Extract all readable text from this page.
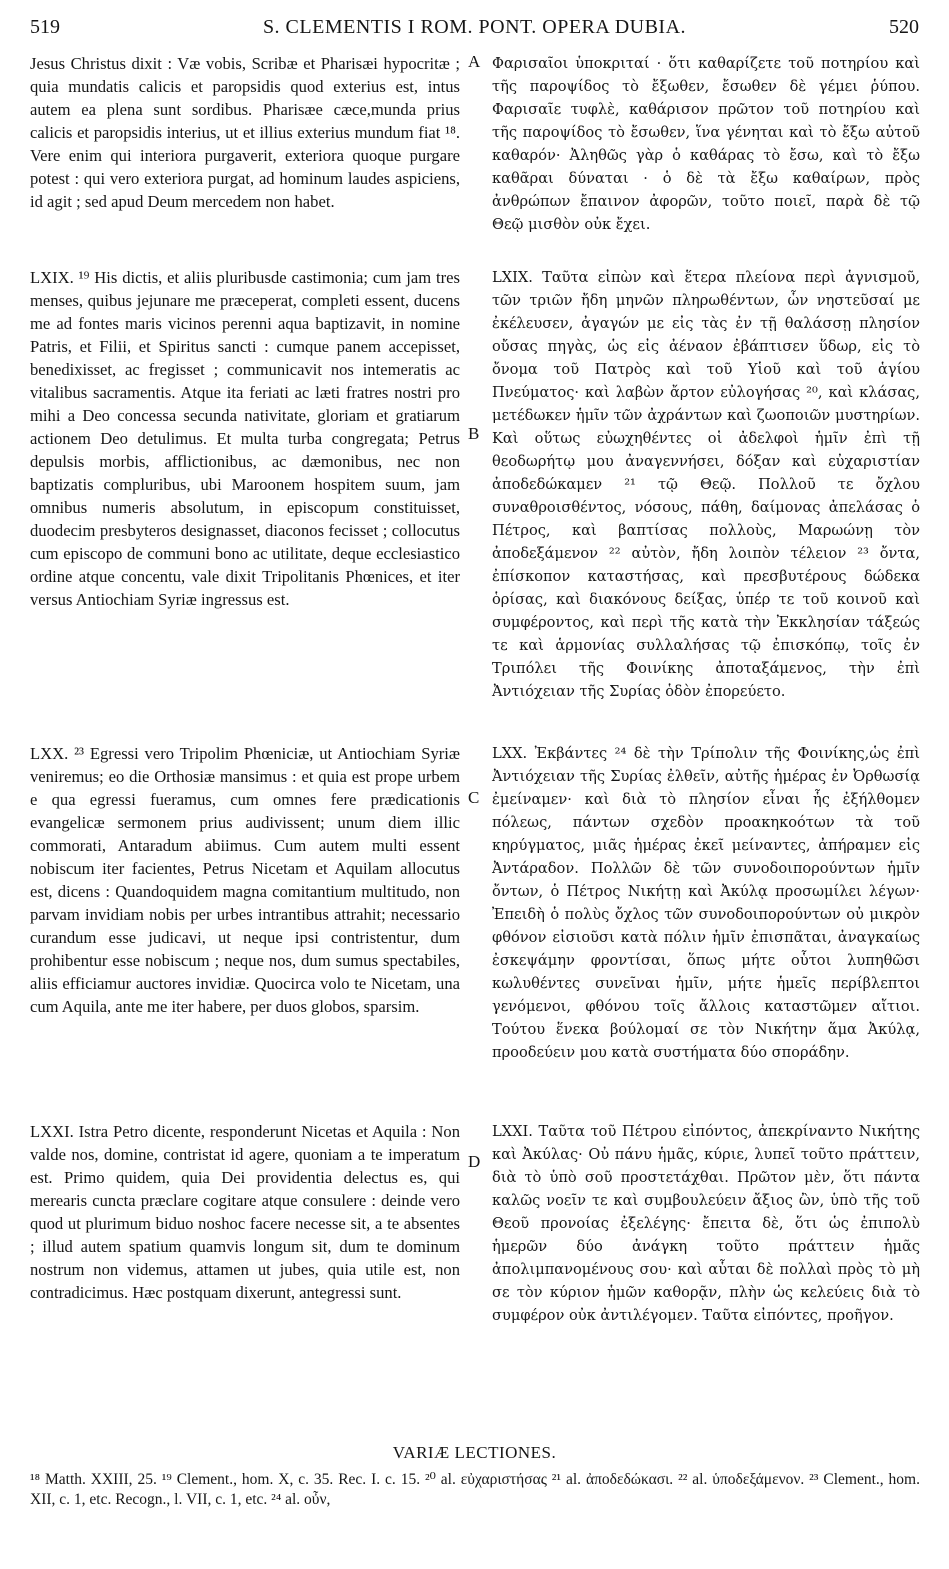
519	S. CLEMENTIS I ROM. PONT. OPERA DUBIA.	520
A
B
C
D

Jesus Christus dixit : Væ vobis, Scribæ et Pharisæi hypocritæ ; quia mundatis calicis et paropsidis quod exterius est, intus autem ea plena sunt sordibus. Pharisæe cæce,munda prius calicis et paropsidis interius, ut et illius exterius mundum fiat ¹⁸. Vere enim qui interiora purgaverit, exteriora quoque purgare potest : qui vero exteriora purgat, ad hominum laudes aspiciens, id agit ; sed apud Deum mercedem non habet.

LXIX. ¹⁹ His dictis, et aliis pluribusde castimonia; cum jam tres menses, quibus jejunare me præceperat, completi essent, ducens me ad fontes maris vicinos perenni aqua baptizavit, in nomine Patris, et Filii, et Spiritus sancti : cumque panem accepisset, benedixisset, ac fregisset ; communicavit nos intemeratis ac vitalibus sacramentis. Atque ita feriati ac læti fratres nostri pro mihi a Deo concessa secunda nativitate, gloriam et gratiarum actionem Deo detulimus. Et multa turba congregata; Petrus depulsis morbis, afflictionibus, ac dæmonibus, nec non baptizatis compluribus, ubi Maroonem hospitem suum, jam omnibus numeris absolutum, in episcopum constituisset, duodecim presbyteros designasset, diaconos fecisset ; collocutus cum episcopo de communi bono ac utilitate, deque ecclesiastico ordine atque concentu, vale dixit Tripolitanis Phœnices, et iter versus Antiochiam Syriæ ingressus est.

LXX. ²³ Egressi vero Tripolim Phœniciæ, ut Antiochiam Syriæ veniremus; eo die Orthosiæ mansimus : et quia est prope urbem e qua egressi fueramus, cum omnes fere prædicationis evangelicæ sermonem prius audivissent; unum diem illic commorati, Antaradum abiimus. Cum autem multi essent nobiscum iter facientes, Petrus Nicetam et Aquilam allocutus est, dicens : Quandoquidem magna comitantium multitudo, non parvam invidiam nobis per urbes intrantibus attrahit; necessario curandum esse judicavi, ut neque ipsi contristentur, dum prohibentur esse nobiscum ; neque nos, dum sumus spectabiles, aliis efficiamur auctores invidiæ. Quocirca volo te Nicetam, una cum Aquila, ante me iter habere, per duos globos, sparsim.

LXXI. Istra Petro dicente, responderunt Nicetas et Aquila : Non valde nos, domine, contristat id agere, quoniam a te imperatum est. Primo quidem, quia Dei providentia delectus es, qui merearis cuncta præclare cogitare atque consulere : deinde vero quod ut plurimum biduo noshoc facere necesse sit, a te absentes ; illud autem spatium quamvis longum sit, dum te dominum nostrum non videmus, attamen ut jubes, quia utile est, non contradicimus. Hæc postquam dixerunt, antegressi sunt.

Φαρισαῖοι ὑποκριταί · ὅτι καθαρίζετε τοῦ ποτηρίου καὶ τῆς παροψίδος τὸ ἔξωθεν, ἔσωθεν δὲ γέμει ῥύπου. Φαρισαῖε τυφλὲ, καθάρισον πρῶτον τοῦ ποτηρίου καὶ τῆς παροψίδος τὸ ἔσωθεν, ἵνα γένηται καὶ τὸ ἔξω αὐτοῦ καθαρόν· Ἀληθῶς γὰρ ὁ καθάρας τὸ ἔσω, καὶ τὸ ἔξω καθᾶραι δύναται · ὁ δὲ τὰ ἔξω καθαίρων, πρὸς ἀνθρώπων ἔπαινον ἀφορῶν, τοῦτο ποιεῖ, παρὰ δὲ τῷ Θεῷ μισθὸν οὐκ ἔχει.

LXIX. Ταῦτα εἰπὼν καὶ ἕτερα πλείονα περὶ ἁγνισμοῦ, τῶν τριῶν ἤδη μηνῶν πληρωθέντων, ὧν νηστεῦσαί με ἐκέλευσεν, ἀγαγών με εἰς τὰς ἐν τῇ θαλάσσῃ πλησίον οὔσας πηγὰς, ὡς εἰς ἀέναον ἐβάπτισεν ὕδωρ, εἰς τὸ ὄνομα τοῦ Πατρὸς καὶ τοῦ Υἱοῦ καὶ τοῦ ἁγίου Πνεύματος· καὶ λαβὼν ἄρτον εὐλογήσας ²⁰, καὶ κλάσας, μετέδωκεν ἡμῖν τῶν ἀχράντων καὶ ζωοποιῶν μυστηρίων. Καὶ οὕτως εὐωχηθέντες οἱ ἀδελφοὶ ἡμῖν ἐπὶ τῇ θεοδωρήτῳ μου ἀναγεννήσει, δόξαν καὶ εὐχαριστίαν ἀποδεδώκαμεν ²¹ τῷ Θεῷ. Πολλοῦ τε ὄχλου συναθροισθέντος, νόσους, πάθη, δαίμονας ἀπελάσας ὁ Πέτρος, καὶ βαπτίσας πολλοὺς, Μαρωώνῃ τὸν ἀποδεξάμενον ²² αὐτὸν, ἤδη λοιπὸν τέλειον ²³ ὄντα, ἐπίσκοπον καταστήσας, καὶ πρεσβυτέρους δώδεκα ὁρίσας, καὶ διακόνους δείξας, ὑπέρ τε τοῦ κοινοῦ καὶ συμφέροντος, καὶ περὶ τῆς κατὰ τὴν Ἐκκλησίαν τάξεώς τε καὶ ἁρμονίας συλλαλήσας τῷ ἐπισκόπῳ, τοῖς ἐν Τριπόλει τῆς Φοινίκης ἀποταξάμενος, τὴν ἐπὶ Ἀντιόχειαν τῆς Συρίας ὁδὸν ἐπορεύετο.

LXX. Ἐκβάντες ²⁴ δὲ τὴν Τρίπολιν τῆς Φοινίκης,ὡς ἐπὶ Ἀντιόχειαν τῆς Συρίας ἐλθεῖν, αὐτῆς ἡμέρας ἐν Ὀρθωσίᾳ ἐμείναμεν· καὶ διὰ τὸ πλησίον εἶναι ἧς ἐξήλθομεν πόλεως, πάντων σχεδὸν προακηκοότων τὰ τοῦ κηρύγματος, μιᾶς ἡμέρας ἐκεῖ μείναντες, ἀπήραμεν εἰς Ἀντάραδον. Πολλῶν δὲ τῶν συνοδοιπορούντων ἡμῖν ὄντων, ὁ Πέτρος Νικήτῃ καὶ Ἀκύλᾳ προσωμίλει λέγων· Ἐπειδὴ ὁ πολὺς ὄχλος τῶν συνοδοιπορούντων οὐ μικρὸν φθόνον εἰσιοῦσι κατὰ πόλιν ἡμῖν ἐπισπᾶται, ἀναγκαίως ἐσκεψάμην φροντίσαι, ὅπως μήτε οὗτοι λυπηθῶσι κωλυθέντες συνεῖναι ἡμῖν, μήτε ἡμεῖς περίβλεπτοι γενόμενοι, φθόνου τοῖς ἄλλοις καταστῶμεν αἴτιοι. Τούτου ἕνεκα βούλομαί σε τὸν Νικήτην ἅμα Ἀκύλᾳ, προοδεύειν μου κατὰ συστήματα δύο σποράδην.

LXXI. Ταῦτα τοῦ Πέτρου εἰπόντος, ἀπεκρίναντο Νικήτης καὶ Ἀκύλας· Οὐ πάνυ ἡμᾶς, κύριε, λυπεῖ τοῦτο πράττειν, διὰ τὸ ὑπὸ σοῦ προστετάχθαι. Πρῶτον μὲν, ὅτι πάντα καλῶς νοεῖν τε καὶ συμβουλεύειν ἄξιος ὢν, ὑπὸ τῆς τοῦ Θεοῦ προνοίας ἐξελέγης· ἔπειτα δὲ, ὅτι ὡς ἐπιπολὺ ἡμερῶν δύο ἀνάγκη τοῦτο πράττειν ἡμᾶς ἀπολιμπανομένους σου· καὶ αὗται δὲ πολλαὶ πρὸς τὸ μὴ σε τὸν κύριον ἡμῶν καθορᾷν, πλὴν ὡς κελεύεις διὰ τὸ συμφέρον οὐκ ἀντιλέγομεν. Ταῦτα εἰπόντες, προῆγον.

VARIÆ LECTIONES.
¹⁸ Matth. XXIII, 25. ¹⁹ Clement., hom. X, c. 35. Rec. I. c. 15. ²⁰ al. εὐχαριστήσας ²¹ al. ἀποδεδώκασι. ²² al. ὑποδεξάμενον. ²³ Clement., hom. XII, c. 1, etc. Recogn., l. VII, c. 1, etc. ²⁴ al. οὖν,
